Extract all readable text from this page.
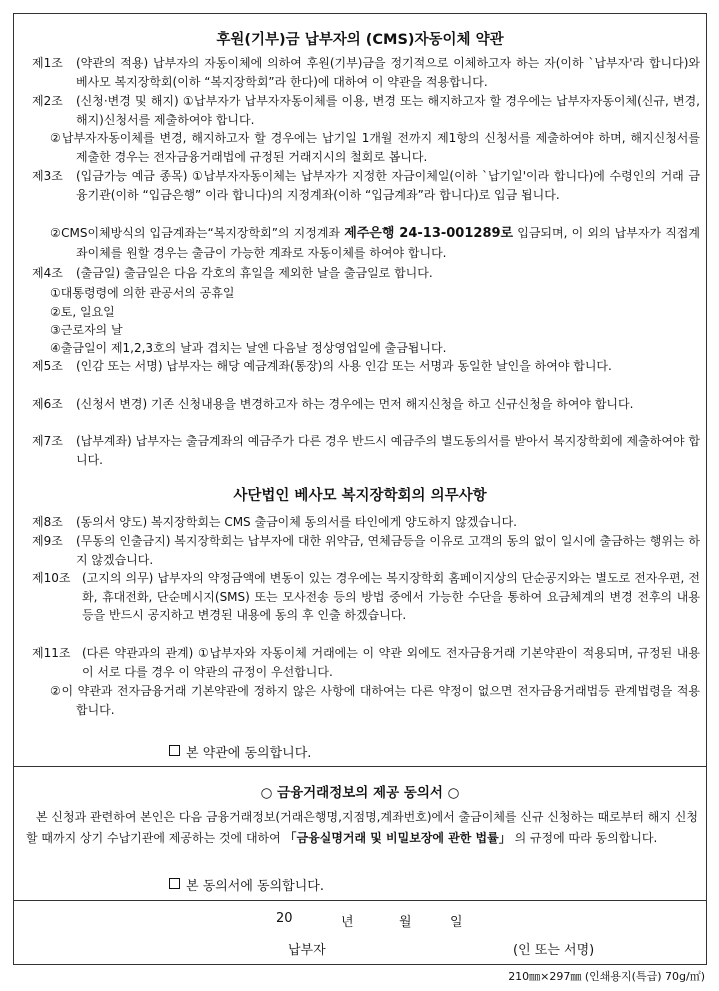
후원(기부)금 납부자의 (CMS)자동이체 약관
제1조 (약관의 적용) 납부자의 자동이체에 의하여 후원(기부)금을 정기적으로 이체하고자 하는 자(이하 `납부자'라 합니다)와 베사모 복지장학회(이하 “복지장학회”라 한다)에 대하여 이 약관을 적용합니다.
제2조 (신청·변경 및 해지) ①납부자가 납부자자동이체를 이용, 변경 또는 해지하고자 할 경우에는 납부자자동이체(신규, 변경, 해지)신청서를 제출하여야 합니다.
②납부자자동이체를 변경, 해지하고자 할 경우에는 납기일 1개월 전까지 제1항의 신청서를 제출하여야 하며, 해지신청서를 제출한 경우는 전자금융거래법에 규정된 거래지시의 철회로 봅니다.
제3조 (입금가능 예금 종목) ①납부자자동이체는 납부자가 지정한 자금이체일(이하 `납기일'이라 합니다)에 수령인의 거래 금융기관(이하 “입금은행” 이라 합니다)의 지정계좌(이하 “입금계좌”라 합니다)로 입금 됩니다.
②CMS이체방식의 입금계좌는“복지장학회”의 지정계좌 제주은행 24-13-001289로 입금되며, 이 외의 납부자가 직접계좌이체를 원할 경우는 출금이 가능한 계좌로 자동이체를 하여야 합니다.
제4조 (출금일) 출금일은 다음 각호의 휴일을 제외한 날을 출금일로 합니다.
①대통령령에 의한 관공서의 공휴일
②토, 일요일
③근로자의 날
④출금일이 제1,2,3호의 날과 겹치는 날엔 다음날 정상영업일에 출금됩니다.
제5조 (인감 또는 서명) 납부자는 해당 예금계좌(통장)의 사용 인감 또는 서명과 동일한 날인을 하여야 합니다.
제6조 (신청서 변경) 기존 신청내용을 변경하고자 하는 경우에는 먼저 해지신청을 하고 신규신청을 하여야 합니다.
제7조 (납부계좌) 납부자는 출금계좌의 예금주가 다른 경우 반드시 예금주의 별도동의서를 받아서 복지장학회에 제출하여야 합니다.
사단법인 베사모 복지장학회의 의무사항
제8조 (동의서 양도) 복지장학회는 CMS 출금이체 동의서를 타인에게 양도하지 않겠습니다.
제9조 (무동의 인출금지) 복지장학회는 납부자에 대한 위약금, 연체금등을 이유로 고객의 동의 없이 일시에 출금하는 행위는 하지 않겠습니다.
제10조 (고지의 의무) 납부자의 약정금액에 변동이 있는 경우에는 복지장학회 홈페이지상의 단순공지와는 별도로 전자우편, 전화, 휴대전화, 단순메시지(SMS) 또는 모사전송 등의 방법 중에서 가능한 수단을 통하여 요금체계의 변경 전후의 내용 등을 반드시 공지하고 변경된 내용에 동의 후 인출 하겠습니다.
제11조 (다른 약관과의 관계) ①납부자와 자동이체 거래에는 이 약관 외에도 전자금융거래 기본약관이 적용되며, 규정된 내용이 서로 다를 경우 이 약관의 규정이 우선합니다.
②이 약관과 전자금융거래 기본약관에 정하지 않은 사항에 대하여는 다른 약정이 없으면 전자금융거래법등 관계법령을 적용합니다.
본 약관에 동의합니다.
○ 금융거래정보의 제공 동의서 ○
본 신청과 관련하여 본인은 다음 금융거래정보(거래은행명,지점명,계좌번호)에서 출금이체를 신규 신청하는 때로부터 해지 신청할 때까지 상기 수납기관에 제공하는 것에 대하여 「금융실명거래 및 비밀보장에 관한 법률」 의 규정에 따라 동의합니다.
본 동의서에 동의합니다.
20	년	월	일
납부자	(인 또는 서명)
210㎜×297㎜ (인쇄용지(특급) 70g/㎡)
